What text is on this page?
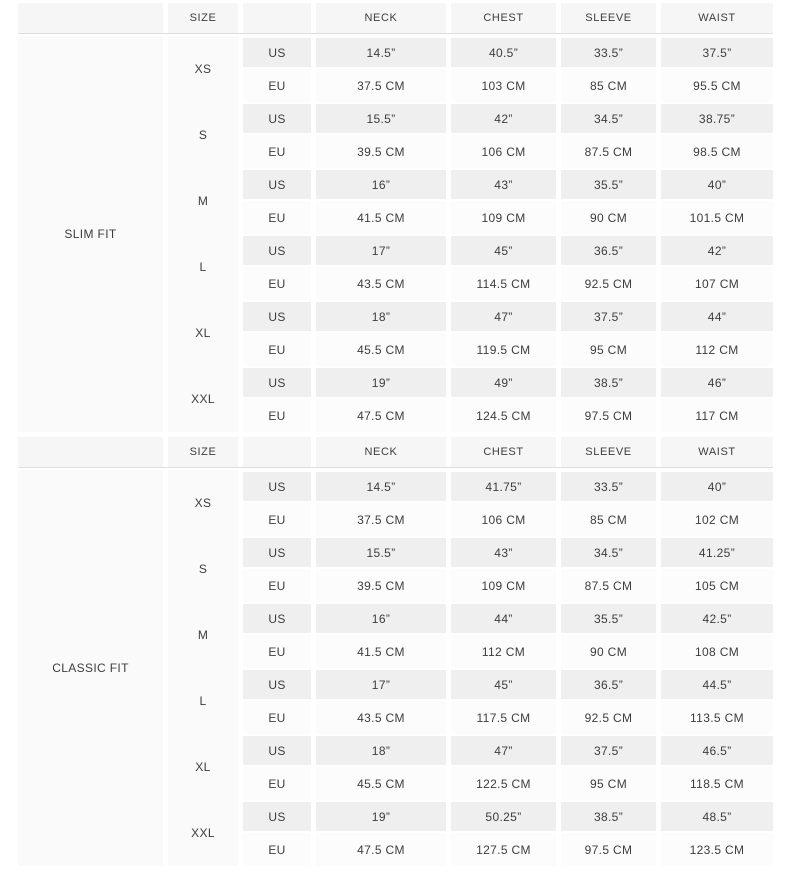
SIZE	NECK	CHEST	SLEEVE	WAIST
SLIM FIT
XS
US	14.5”	40.5”	33.5”	37.5”
EU	37.5 CM	103 CM	85 CM	95.5 CM
S
US	15.5”	42”	34.5”	38.75”
EU	39.5 CM	106 CM	87.5 CM	98.5 CM
M
US	16”	43”	35.5”	40”
EU	41.5 CM	109 CM	90 CM	101.5 CM
L
US	17”	45”	36.5”	42”
EU	43.5 CM	114.5 CM	92.5 CM	107 CM
XL
US	18”	47”	37.5”	44”
EU	45.5 CM	119.5 CM	95 CM	112 CM
XXL
US	19”	49”	38.5”	46”
EU	47.5 CM	124.5 CM	97.5 CM	117 CM
SIZE	NECK	CHEST	SLEEVE	WAIST
CLASSIC FIT
XS
US	14.5”	41.75”	33.5”	40”
EU	37.5 CM	106 CM	85 CM	102 CM
S
US	15.5”	43”	34.5”	41.25”
EU	39.5 CM	109 CM	87.5 CM	105 CM
M
US	16”	44”	35.5”	42.5”
EU	41.5 CM	112 CM	90 CM	108 CM
L
US	17”	45”	36.5”	44.5”
EU	43.5 CM	117.5 CM	92.5 CM	113.5 CM
XL
US	18”	47”	37.5”	46.5”
EU	45.5 CM	122.5 CM	95 CM	118.5 CM
XXL
US	19”	50.25”	38.5”	48.5”
EU	47.5 CM	127.5 CM	97.5 CM	123.5 CM
